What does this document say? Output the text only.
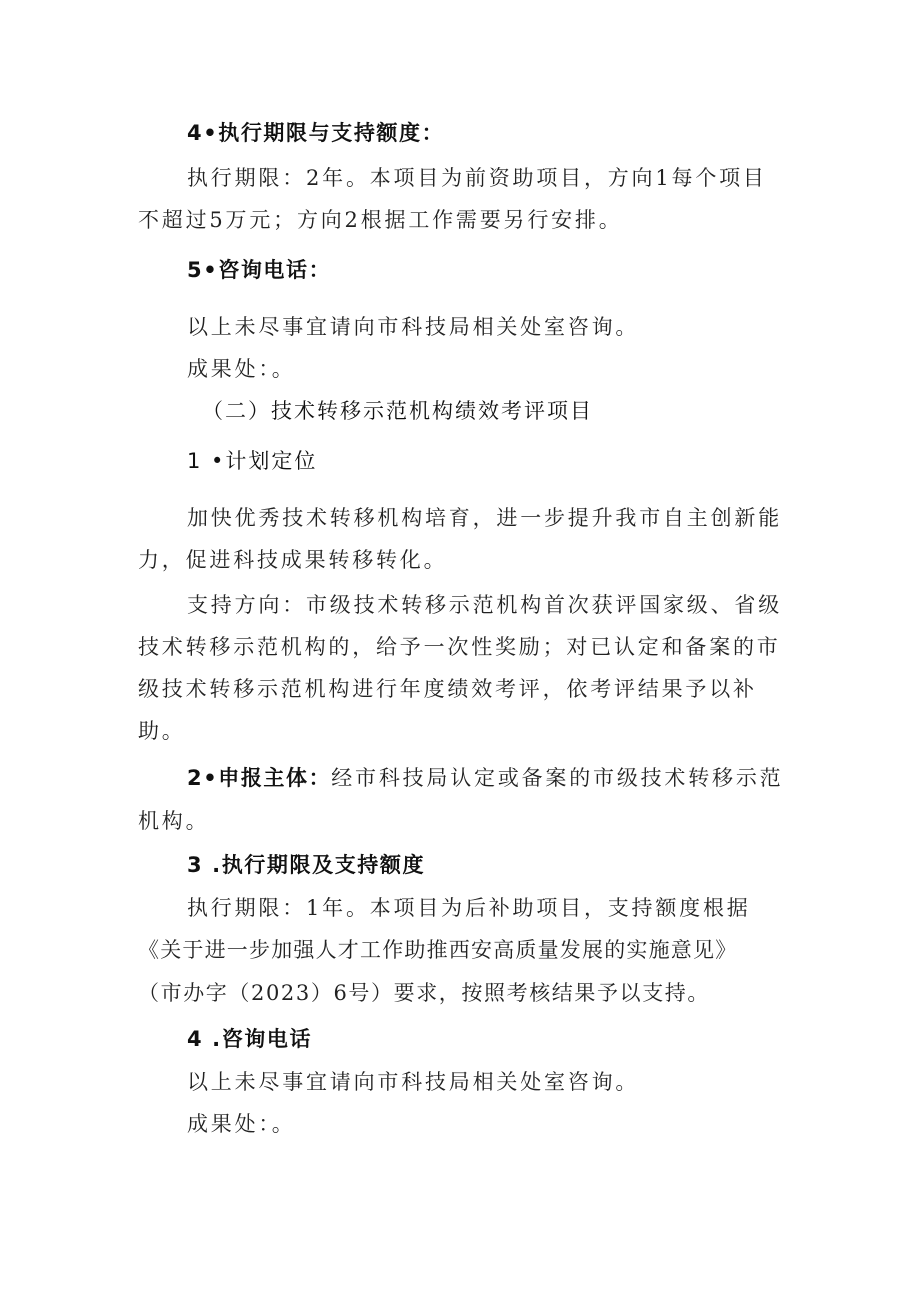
4•执行期限与支持额度：
执行期限：2年。本项目为前资助项目，方向1每个项目
不超过5万元；方向2根据工作需要另行安排。
5•咨询电话：
以上未尽事宜请向市科技局相关处室咨询。
成果处：。
（二）技术转移示范机构绩效考评项目
1 •计划定位
加快优秀技术转移机构培育，进一步提升我市自主创新能
力，促进科技成果转移转化。
支持方向：市级技术转移示范机构首次获评国家级、省级
技术转移示范机构的，给予一次性奖励；对已认定和备案的市
级技术转移示范机构进行年度绩效考评，依考评结果予以补
助。
2•申报主体：经市科技局认定或备案的市级技术转移示范
机构。
3 .执行期限及支持额度
执行期限：1年。本项目为后补助项目，支持额度根据
《关于进一步加强人才工作助推西安高质量发展的实施意见》
（市办字（2023）6号）要求，按照考核结果予以支持。
4 .咨询电话
以上未尽事宜请向市科技局相关处室咨询。
成果处：。
